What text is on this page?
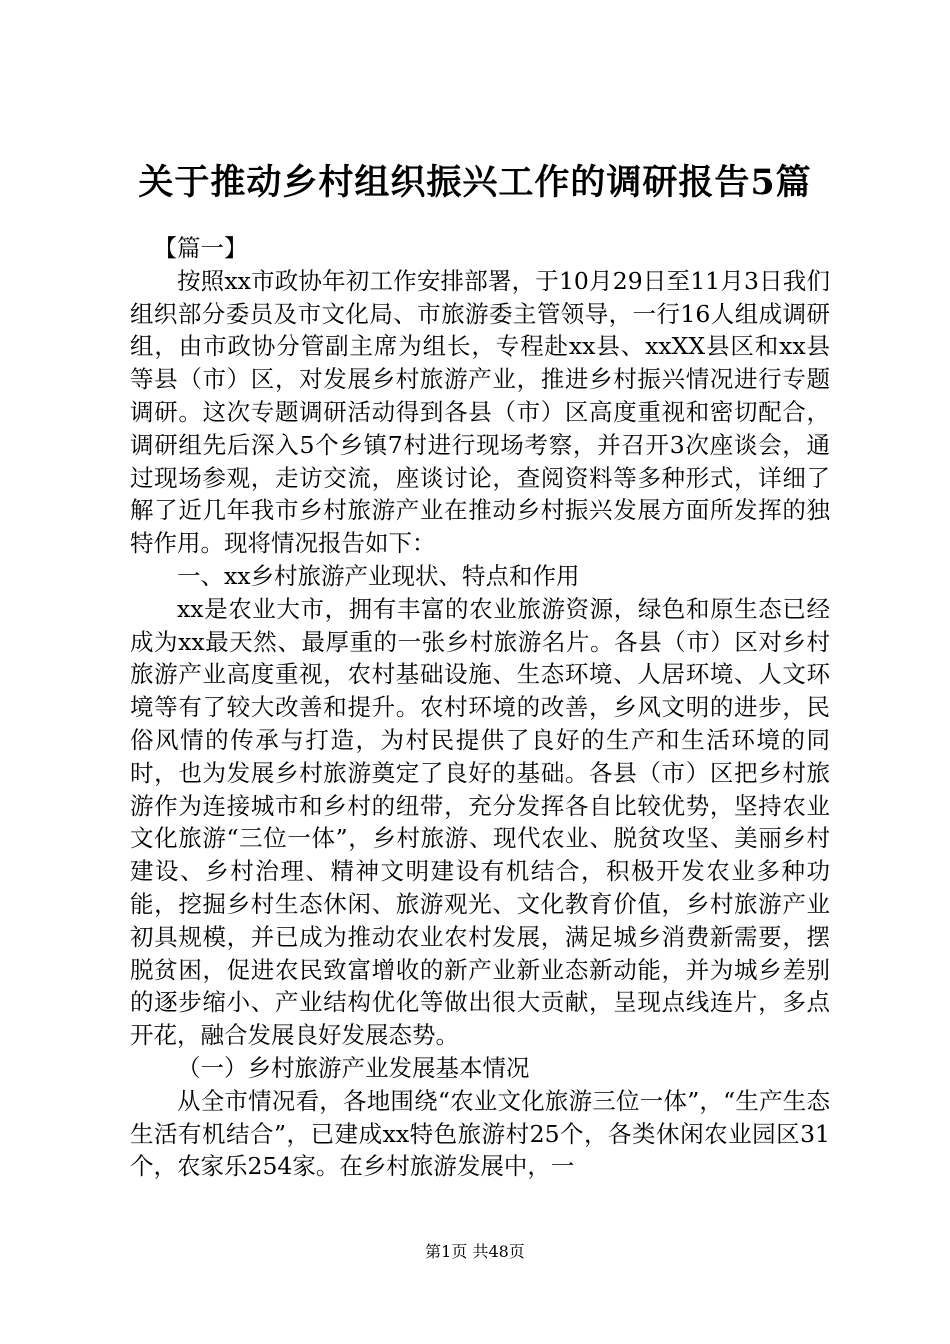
关于推动乡村组织振兴工作的调研报告5篇

【篇一】

按照xx市政协年初工作安排部署，于10月29日至11月3日我们组织部分委员及市文化局、市旅游委主管领导，一行16人组成调研组，由市政协分管副主席为组长，专程赴xx县、xxXX县区和xx县等县（市）区，对发展乡村旅游产业，推进乡村振兴情况进行专题调研。这次专题调研活动得到各县（市）区高度重视和密切配合，调研组先后深入5个乡镇7村进行现场考察，并召开3次座谈会，通过现场参观，走访交流，座谈讨论，查阅资料等多种形式，详细了解了近几年我市乡村旅游产业在推动乡村振兴发展方面所发挥的独特作用。现将情况报告如下：

一、xx乡村旅游产业现状、特点和作用

xx是农业大市，拥有丰富的农业旅游资源，绿色和原生态已经成为xx最天然、最厚重的一张乡村旅游名片。各县（市）区对乡村旅游产业高度重视，农村基础设施、生态环境、人居环境、人文环境等有了较大改善和提升。农村环境的改善，乡风文明的进步，民俗风情的传承与打造，为村民提供了良好的生产和生活环境的同时，也为发展乡村旅游奠定了良好的基础。各县（市）区把乡村旅游作为连接城市和乡村的纽带，充分发挥各自比较优势，坚持农业文化旅游“三位一体”，乡村旅游、现代农业、脱贫攻坚、美丽乡村建设、乡村治理、精神文明建设有机结合，积极开发农业多种功能，挖掘乡村生态休闲、旅游观光、文化教育价值，乡村旅游产业初具规模，并已成为推动农业农村发展，满足城乡消费新需要，摆脱贫困，促进农民致富增收的新产业新业态新动能，并为城乡差别的逐步缩小、产业结构优化等做出很大贡献，呈现点线连片，多点开花，融合发展良好发展态势。

（一）乡村旅游产业发展基本情况

从全市情况看，各地围绕“农业文化旅游三位一体”，“生产生态生活有机结合”，已建成xx特色旅游村25个，各类休闲农业园区31个，农家乐254家。在乡村旅游发展中，一

第1页 共48页
